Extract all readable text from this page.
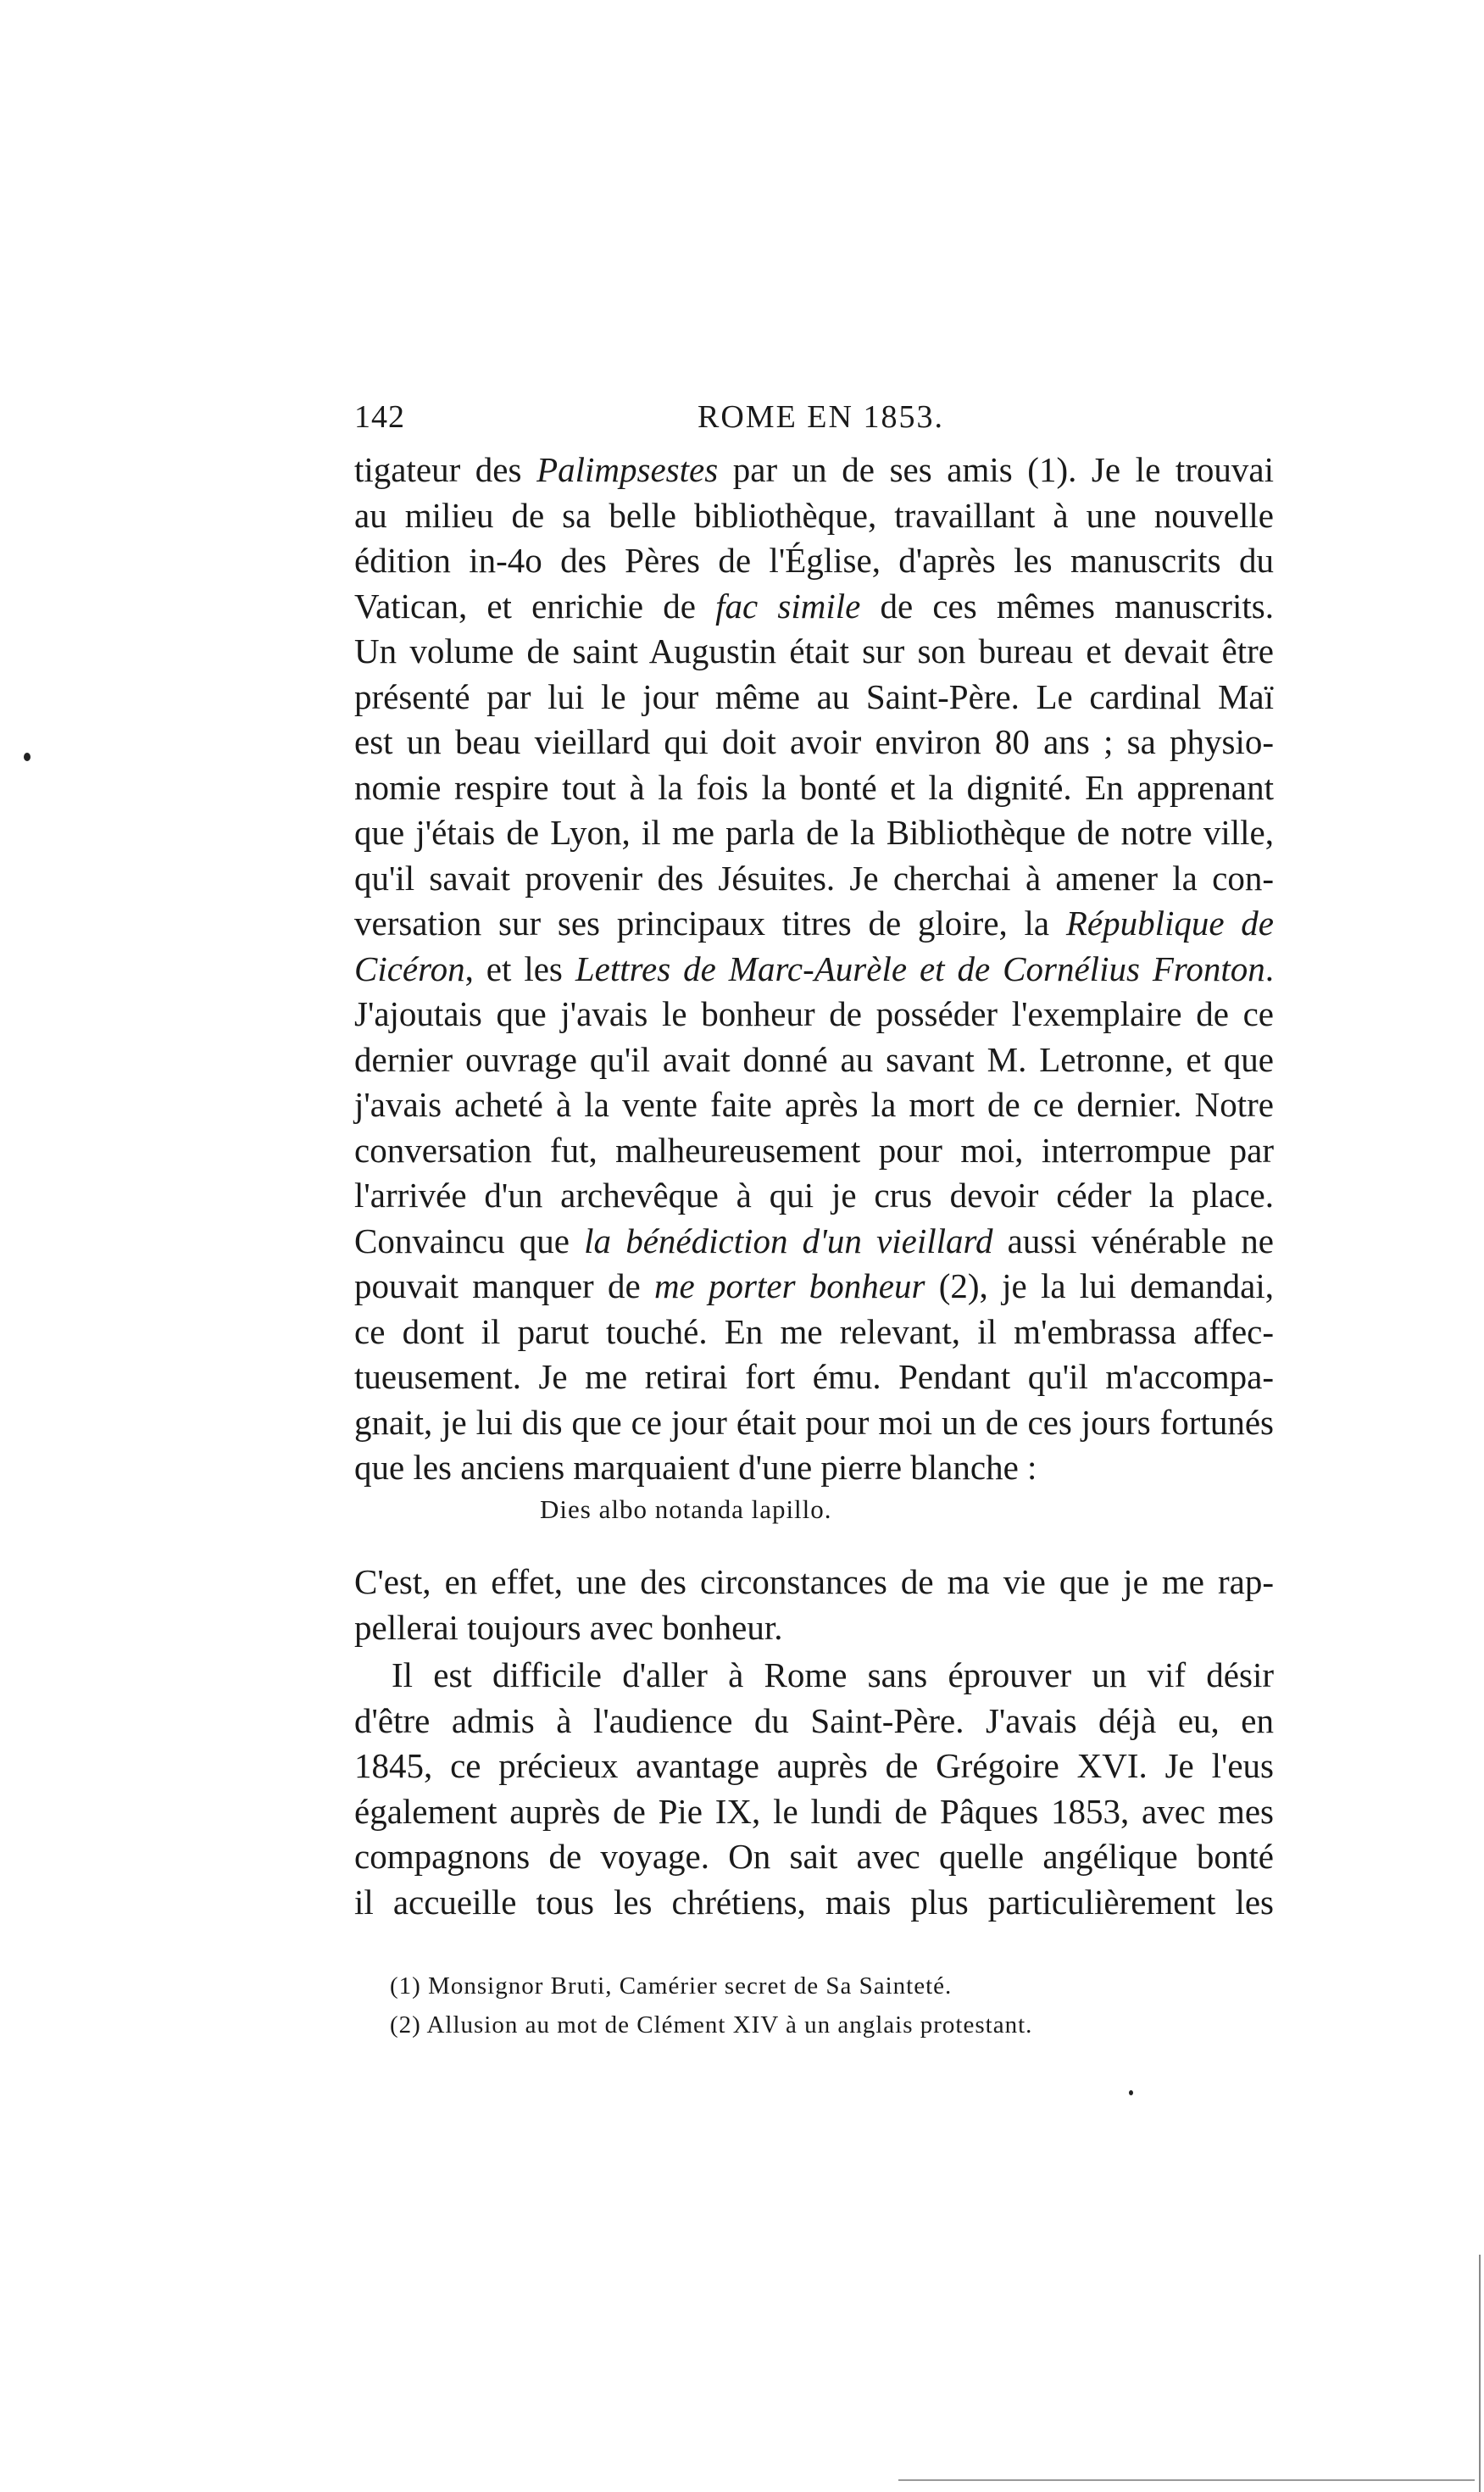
142	ROME EN 1853.
tigateur des Palimpsestes par un de ses amis (1). Je le trouvai
au milieu de sa belle bibliothèque, travaillant à une nouvelle
édition in-4o des Pères de l'Église, d'après les manuscrits du
Vatican, et enrichie de fac simile de ces mêmes manuscrits.
Un volume de saint Augustin était sur son bureau et devait être
présenté par lui le jour même au Saint-Père. Le cardinal Maï
est un beau vieillard qui doit avoir environ 80 ans ; sa physio-
nomie respire tout à la fois la bonté et la dignité. En apprenant
que j'étais de Lyon, il me parla de la Bibliothèque de notre ville,
qu'il savait provenir des Jésuites. Je cherchai à amener la con-
versation sur ses principaux titres de gloire, la République de
Cicéron, et les Lettres de Marc-Aurèle et de Cornélius Fronton.
J'ajoutais que j'avais le bonheur de posséder l'exemplaire de ce
dernier ouvrage qu'il avait donné au savant M. Letronne, et que
j'avais acheté à la vente faite après la mort de ce dernier. Notre
conversation fut, malheureusement pour moi, interrompue par
l'arrivée d'un archevêque à qui je crus devoir céder la place.
Convaincu que la bénédiction d'un vieillard aussi vénérable ne
pouvait manquer de me porter bonheur (2), je la lui demandai,
ce dont il parut touché. En me relevant, il m'embrassa affec-
tueusement. Je me retirai fort ému. Pendant qu'il m'accompa-
gnait, je lui dis que ce jour était pour moi un de ces jours fortunés
que les anciens marquaient d'une pierre blanche :
Dies albo notanda lapillo.
C'est, en effet, une des circonstances de ma vie que je me rap-
pellerai toujours avec bonheur.
Il est difficile d'aller à Rome sans éprouver un vif désir
d'être admis à l'audience du Saint-Père. J'avais déjà eu, en
1845, ce précieux avantage auprès de Grégoire XVI. Je l'eus
également auprès de Pie IX, le lundi de Pâques 1853, avec mes
compagnons de voyage. On sait avec quelle angélique bonté
il accueille tous les chrétiens, mais plus particulièrement les
(1) Monsignor Bruti, Camérier secret de Sa Sainteté.
(2) Allusion au mot de Clément XIV à un anglais protestant.
